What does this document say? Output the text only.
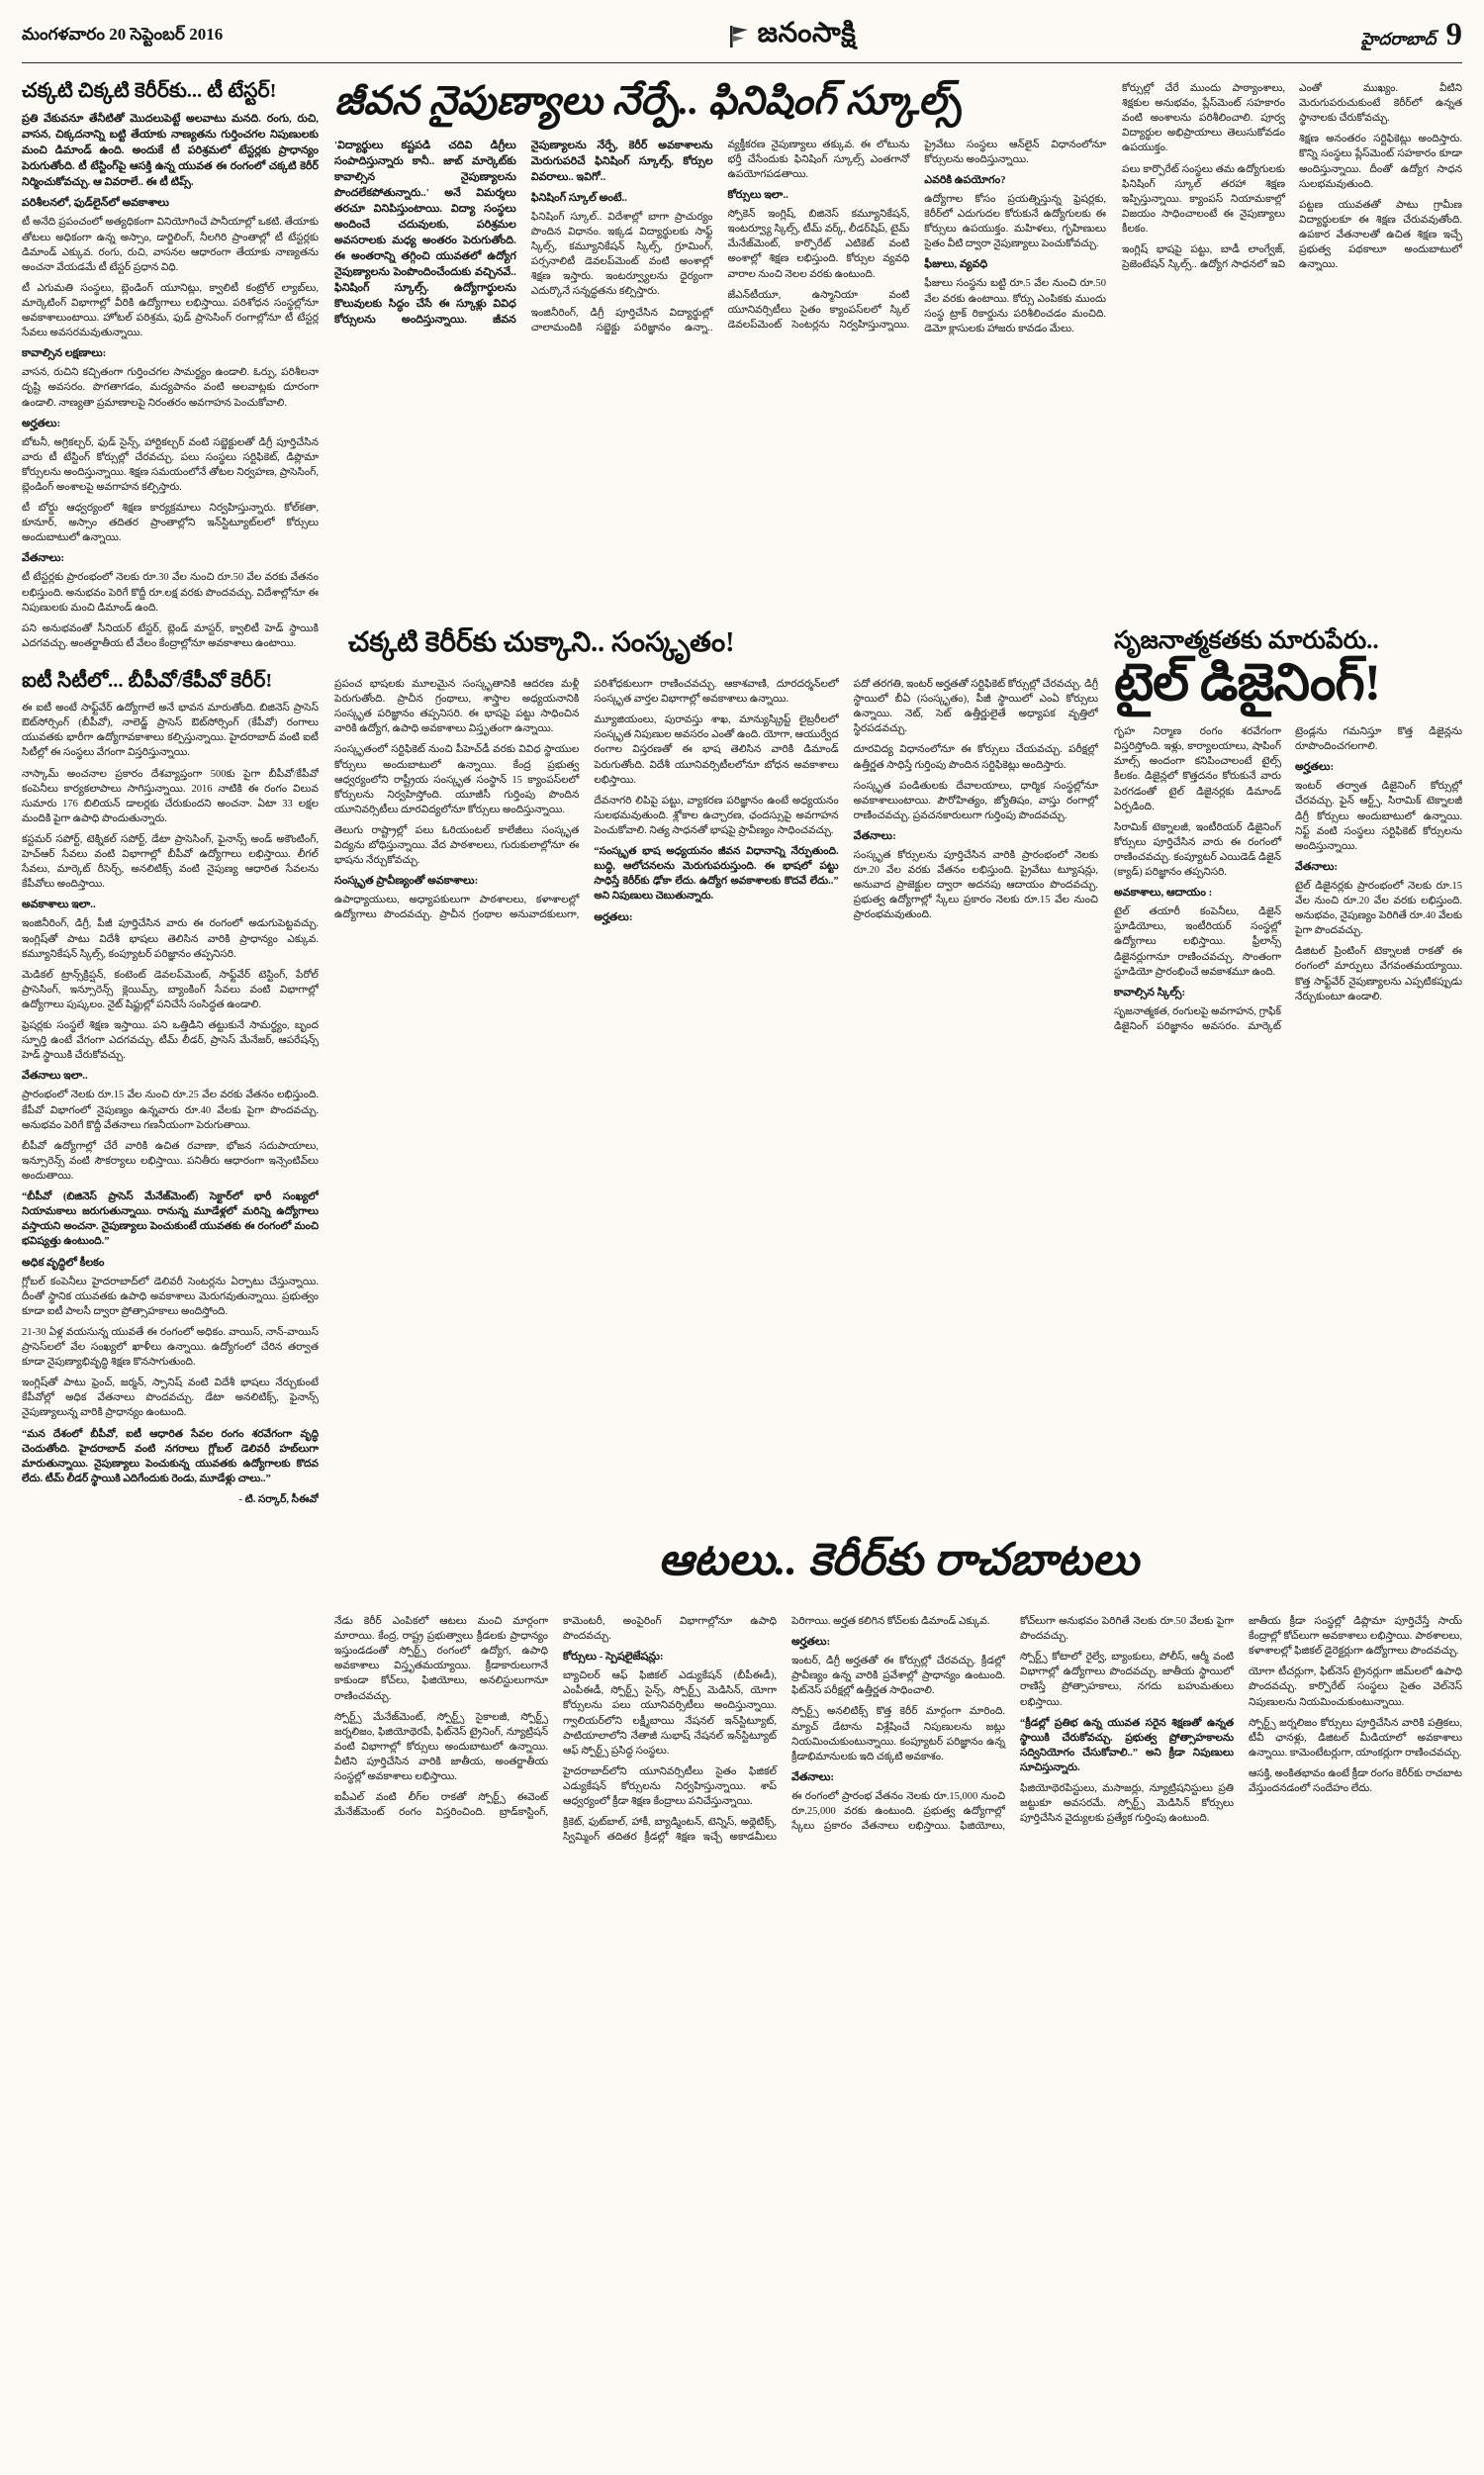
మంగళవారం 20 సెప్టెంబర్ 2016	జనంసాక్షి	హైదరాబాద్ 9
చక్కటి చిక్కటి కెరీర్‌కు... టీ టేస్టర్!

ప్రతి వేకువనూ తేనీటితో మొదలుపెట్టే అలవాటు మనది. రంగు, రుచి, వాసన, చిక్కదనాన్ని బట్టి తేయాకు నాణ్యతను గుర్తించగల నిపుణులకు మంచి డిమాండ్ ఉంది. అందుకే టీ పరిశ్రమలో టేస్టర్లకు ప్రాధాన్యం పెరుగుతోంది. టీ టేస్టింగ్‌పై ఆసక్తి ఉన్న యువత ఈ రంగంలో చక్కటి కెరీర్ నిర్మించుకోవచ్చు. ఆ వివరాలే.. ఈ టీ టిప్స్.

పరిశీలనలో, ఫుడ్‌లైన్‌లో అవకాశాలు

టీ అనేది ప్రపంచంలో అత్యధికంగా వినియోగించే పానీయాల్లో ఒకటి. తేయాకు తోటలు అధికంగా ఉన్న అస్సాం, డార్జిలింగ్, నీలగిరి ప్రాంతాల్లో టీ టేస్టర్లకు డిమాండ్ ఎక్కువ. రంగు, రుచి, వాసనల ఆధారంగా తేయాకు నాణ్యతను అంచనా వేయడమే టీ టేస్టర్ ప్రధాన విధి.

టీ ఎగుమతి సంస్థలు, బ్లెండింగ్ యూనిట్లు, క్వాలిటీ కంట్రోల్ ల్యాబ్‌లు, మార్కెటింగ్ విభాగాల్లో వీరికి ఉద్యోగాలు లభిస్తాయి. పరిశోధన సంస్థల్లోనూ అవకాశాలుంటాయి. హోటల్ పరిశ్రమ, ఫుడ్ ప్రాసెసింగ్ రంగాల్లోనూ టీ టేస్టర్ల సేవలు అవసరమవుతున్నాయి.

కావాల్సిన లక్షణాలు:

వాసన, రుచిని కచ్చితంగా గుర్తించగల సామర్థ్యం ఉండాలి. ఓర్పు, పరిశీలనా దృష్టి అవసరం. పొగతాగడం, మద్యపానం వంటి అలవాట్లకు దూరంగా ఉండాలి. నాణ్యతా ప్రమాణాలపై నిరంతరం అవగాహన పెంచుకోవాలి.

అర్హతలు:

బోటనీ, అగ్రికల్చర్, ఫుడ్ సైన్స్, హార్టికల్చర్ వంటి సబ్జెక్టులతో డిగ్రీ పూర్తిచేసిన వారు టీ టేస్టింగ్ కోర్సుల్లో చేరవచ్చు. పలు సంస్థలు సర్టిఫికెట్, డిప్లొమా కోర్సులను అందిస్తున్నాయి. శిక్షణ సమయంలోనే తోటల నిర్వహణ, ప్రాసెసింగ్, బ్లెండింగ్ అంశాలపై అవగాహన కల్పిస్తారు.

టీ బోర్డు ఆధ్వర్యంలో శిక్షణ కార్యక్రమాలు నిర్వహిస్తున్నారు. కోల్‌కతా, కూనూర్, అస్సాం తదితర ప్రాంతాల్లోని ఇన్‌స్టిట్యూట్‌లలో కోర్సులు అందుబాటులో ఉన్నాయి.

వేతనాలు:

టీ టేస్టర్లకు ప్రారంభంలో నెలకు రూ.30 వేల నుంచి రూ.50 వేల వరకు వేతనం లభిస్తుంది. అనుభవం పెరిగే కొద్దీ రూ.లక్ష వరకు పొందవచ్చు. విదేశాల్లోనూ ఈ నిపుణులకు మంచి డిమాండ్ ఉంది.

పని అనుభవంతో సీనియర్ టేస్టర్, బ్లెండ్ మాస్టర్, క్వాలిటీ హెడ్ స్థాయికి ఎదగవచ్చు. అంతర్జాతీయ టీ వేలం కేంద్రాల్లోనూ అవకాశాలు ఉంటాయి.

ఐటీ సిటీలో... బీపీవో/కేపీవో కెరీర్!

ఈ ఐటీ అంటే సాఫ్ట్‌వేర్ ఉద్యోగాలే అనే భావన మారుతోంది. బిజినెస్ ప్రాసెస్ ఔట్‌సోర్సింగ్ (బీపీవో), నాలెడ్జ్ ప్రాసెస్ ఔట్‌సోర్సింగ్ (కేపీవో) రంగాలు యువతకు భారీగా ఉద్యోగావకాశాలు కల్పిస్తున్నాయి. హైదరాబాద్ వంటి ఐటీ సిటీల్లో ఈ సంస్థలు వేగంగా విస్తరిస్తున్నాయి.

నాస్కామ్ అంచనాల ప్రకారం దేశవ్యాప్తంగా 500కు పైగా బీపీవో/కేపీవో కంపెనీలు కార్యకలాపాలు సాగిస్తున్నాయి. 2016 నాటికి ఈ రంగం విలువ సుమారు 176 బిలియన్ డాలర్లకు చేరుకుందని అంచనా. ఏటా 33 లక్షల మందికి పైగా ఉపాధి పొందుతున్నారు.

కస్టమర్ సపోర్ట్, టెక్నికల్ సపోర్ట్, డేటా ప్రాసెసింగ్, ఫైనాన్స్ అండ్ అకౌంటింగ్, హెచ్ఆర్ సేవలు వంటి విభాగాల్లో బీపీవో ఉద్యోగాలు లభిస్తాయి. లీగల్ సేవలు, మార్కెట్ రీసెర్చ్, అనలిటిక్స్ వంటి నైపుణ్య ఆధారిత సేవలను కేపీవోలు అందిస్తాయి.

అవకాశాలు ఇలా..

ఇంజినీరింగ్, డిగ్రీ, పీజీ పూర్తిచేసిన వారు ఈ రంగంలో అడుగుపెట్టవచ్చు. ఇంగ్లిష్‌తో పాటు విదేశీ భాషలు తెలిసిన వారికి ప్రాధాన్యం ఎక్కువ. కమ్యూనికేషన్ స్కిల్స్, కంప్యూటర్ పరిజ్ఞానం తప్పనిసరి.

మెడికల్ ట్రాన్స్‌క్రిప్షన్, కంటెంట్ డెవలప్‌మెంట్, సాఫ్ట్‌వేర్ టెస్టింగ్, పేరోల్ ప్రాసెసింగ్, ఇన్సూరెన్స్ క్లెయిమ్స్, బ్యాంకింగ్ సేవలు వంటి విభాగాల్లో ఉద్యోగాలు పుష్కలం. నైట్ షిఫ్టుల్లో పనిచేసే సంసిద్ధత ఉండాలి.

ఫ్రెషర్లకు సంస్థలే శిక్షణ ఇస్తాయి. పని ఒత్తిడిని తట్టుకునే సామర్థ్యం, బృంద స్ఫూర్తి ఉంటే వేగంగా ఎదగవచ్చు. టీమ్ లీడర్, ప్రాసెస్ మేనేజర్, ఆపరేషన్స్ హెడ్ స్థాయికి చేరుకోవచ్చు.

వేతనాలు ఇలా..

ప్రారంభంలో నెలకు రూ.15 వేల నుంచి రూ.25 వేల వరకు వేతనం లభిస్తుంది. కేపీవో విభాగంలో నైపుణ్యం ఉన్నవారు రూ.40 వేలకు పైగా పొందవచ్చు. అనుభవం పెరిగే కొద్దీ వేతనాలు గణనీయంగా పెరుగుతాయి.

బీపీవో ఉద్యోగాల్లో చేరే వారికి ఉచిత రవాణా, భోజన సదుపాయాలు, ఇన్సూరెన్స్ వంటి సౌకర్యాలు లభిస్తాయి. పనితీరు ఆధారంగా ఇన్సెంటివ్‌లు అందుతాయి.

“బీపీవో (బిజినెస్ ప్రాసెస్ మేనేజ్‌మెంట్) సెక్టార్‌లో భారీ సంఖ్యలో నియామకాలు జరుగుతున్నాయి. రానున్న మూడేళ్లలో మరిన్ని ఉద్యోగాలు వస్తాయని అంచనా. నైపుణ్యాలు పెంచుకుంటే యువతకు ఈ రంగంలో మంచి భవిష్యత్తు ఉంటుంది.”

అధిక వృద్ధిలో కీలకం

గ్లోబల్ కంపెనీలు హైదరాబాద్‌లో డెలివరీ సెంటర్లను ఏర్పాటు చేస్తున్నాయి. దీంతో స్థానిక యువతకు ఉపాధి అవకాశాలు మెరుగవుతున్నాయి. ప్రభుత్వం కూడా ఐటీ పాలసీ ద్వారా ప్రోత్సాహకాలు అందిస్తోంది.

21-30 ఏళ్ల వయసున్న యువతే ఈ రంగంలో అధికం. వాయిస్, నాన్-వాయిస్ ప్రాసెస్‌లలో వేల సంఖ్యలో ఖాళీలు ఉన్నాయి. ఉద్యోగంలో చేరిన తర్వాత కూడా నైపుణ్యాభివృద్ధి శిక్షణ కొనసాగుతుంది.

ఇంగ్లిష్‌తో పాటు ఫ్రెంచ్, జర్మన్, స్పానిష్ వంటి విదేశీ భాషలు నేర్చుకుంటే కేపీవోల్లో అధిక వేతనాలు పొందవచ్చు. డేటా అనలిటిక్స్, ఫైనాన్స్ నైపుణ్యాలున్న వారికి ప్రాధాన్యం ఉంటుంది.

“మన దేశంలో బీపీవో, ఐటీ ఆధారిత సేవల రంగం శరవేగంగా వృద్ధి చెందుతోంది. హైదరాబాద్ వంటి నగరాలు గ్లోబల్ డెలివరీ హబ్‌లుగా మారుతున్నాయి. నైపుణ్యాలు పెంచుకున్న యువతకు ఉద్యోగాలకు కొదవ లేదు. టీమ్ లీడర్ స్థాయికి ఎదిగేందుకు రెండు, మూడేళ్లు చాలు..”

- టి. సర్కార్, సీఈవో

జీవన నైపుణ్యాలు నేర్పే.. ఫినిషింగ్ స్కూల్స్

'విద్యార్థులు కష్టపడి చదివి డిగ్రీలు సంపాదిస్తున్నారు కానీ.. జాబ్ మార్కెట్‌కు కావాల్సిన నైపుణ్యాలను పొందలేకపోతున్నారు..' అనే విమర్శలు తరచూ వినిపిస్తుంటాయి. విద్యా సంస్థలు అందించే చదువులకు, పరిశ్రమల అవసరాలకు మధ్య అంతరం పెరుగుతోంది. ఈ అంతరాన్ని తగ్గించి యువతలో ఉద్యోగ నైపుణ్యాలను పెంపొందించేందుకు వచ్చినవే.. ఫినిషింగ్ స్కూల్స్. ఉద్యోగార్థులను కొలువులకు సిద్ధం చేసే ఈ స్కూళ్లు వివిధ కోర్సులను అందిస్తున్నాయి. జీవన నైపుణ్యాలను నేర్పే, కెరీర్ అవకాశాలను మెరుగుపరిచే ఫినిషింగ్ స్కూల్స్, కోర్సుల వివరాలు.. ఇవిగో..

ఫినిషింగ్ స్కూల్ అంటే..

ఫినిషింగ్ స్కూల్.. విదేశాల్లో బాగా ప్రాచుర్యం పొందిన విధానం. ఇక్కడ విద్యార్థులకు సాఫ్ట్ స్కిల్స్, కమ్యూనికేషన్ స్కిల్స్, గ్రూమింగ్, పర్సనాలిటీ డెవలప్‌మెంట్ వంటి అంశాల్లో శిక్షణ ఇస్తారు. ఇంటర్వ్యూలను ధైర్యంగా ఎదుర్కొనే సన్నద్ధతను కల్పిస్తారు.

ఇంజినీరింగ్, డిగ్రీ పూర్తిచేసిన విద్యార్థుల్లో చాలామందికి సబ్జెక్టు పరిజ్ఞానం ఉన్నా.. వ్యక్తీకరణ నైపుణ్యాలు తక్కువ. ఈ లోటును భర్తీ చేసేందుకు ఫినిషింగ్ స్కూల్స్ ఎంతగానో ఉపయోగపడతాయి.

కోర్సులు ఇలా..

స్పోకెన్ ఇంగ్లిష్, బిజినెస్ కమ్యూనికేషన్, ఇంటర్వ్యూ స్కిల్స్, టీమ్ వర్క్, లీడర్‌షిప్, టైమ్ మేనేజ్‌మెంట్, కార్పొరేట్ ఎటికెట్ వంటి అంశాల్లో శిక్షణ లభిస్తుంది. కోర్సుల వ్యవధి వారాల నుంచి నెలల వరకు ఉంటుంది.

జేఎన్‌టీయూ, ఉస్మానియా వంటి యూనివర్సిటీలు సైతం క్యాంపస్‌లలో స్కిల్ డెవలప్‌మెంట్ సెంటర్లను నిర్వహిస్తున్నాయి. ప్రైవేటు సంస్థలు ఆన్‌లైన్ విధానంలోనూ కోర్సులను అందిస్తున్నాయి.

ఎవరికి ఉపయోగం?

ఉద్యోగాల కోసం ప్రయత్నిస్తున్న ఫ్రెషర్లకు, కెరీర్‌లో ఎదుగుదల కోరుకునే ఉద్యోగులకు ఈ కోర్సులు ఉపయుక్తం. మహిళలు, గృహిణులు సైతం వీటి ద్వారా నైపుణ్యాలు పెంచుకోవచ్చు.

ఫీజులు, వ్యవధి

ఫీజులు సంస్థను బట్టి రూ.5 వేల నుంచి రూ.50 వేల వరకు ఉంటాయి. కోర్సు ఎంపికకు ముందు సంస్థ ట్రాక్ రికార్డును పరిశీలించడం మంచిది. డెమో క్లాసులకు హాజరు కావడం మేలు.

కోర్సుల్లో చేరే ముందు పాఠ్యాంశాలు, శిక్షకుల అనుభవం, ప్లేస్‌మెంట్ సహకారం వంటి అంశాలను పరిశీలించాలి. పూర్వ విద్యార్థుల అభిప్రాయాలు తెలుసుకోవడం ఉపయుక్తం.

పలు కార్పొరేట్ సంస్థలు తమ ఉద్యోగులకు ఫినిషింగ్ స్కూల్ తరహా శిక్షణ ఇప్పిస్తున్నాయి. క్యాంపస్ నియామకాల్లో విజయం సాధించాలంటే ఈ నైపుణ్యాలు కీలకం.

ఇంగ్లిష్ భాషపై పట్టు, బాడీ లాంగ్వేజ్, ప్రెజెంటేషన్ స్కిల్స్.. ఉద్యోగ సాధనలో ఇవి ఎంతో ముఖ్యం. వీటిని మెరుగుపరుచుకుంటే కెరీర్‌లో ఉన్నత స్థానాలకు చేరుకోవచ్చు.

శిక్షణ అనంతరం సర్టిఫికెట్లు అందిస్తారు. కొన్ని సంస్థలు ప్లేస్‌మెంట్ సహకారం కూడా అందిస్తున్నాయి. దీంతో ఉద్యోగ సాధన సులభమవుతుంది.

పట్టణ యువతతో పాటు గ్రామీణ విద్యార్థులకూ ఈ శిక్షణ చేరువవుతోంది. ఉపకార వేతనాలతో ఉచిత శిక్షణ ఇచ్చే ప్రభుత్వ పథకాలూ అందుబాటులో ఉన్నాయి.

చక్కటి కెరీర్‌కు చుక్కాని.. సంస్కృతం!

ప్రపంచ భాషలకు మూలమైన సంస్కృతానికి ఆదరణ మళ్లీ పెరుగుతోంది. ప్రాచీన గ్రంథాలు, శాస్త్రాల అధ్యయనానికి సంస్కృత పరిజ్ఞానం తప్పనిసరి. ఈ భాషపై పట్టు సాధించిన వారికి ఉద్యోగ, ఉపాధి అవకాశాలు విస్తృతంగా ఉన్నాయి.

సంస్కృతంలో సర్టిఫికెట్ నుంచి పీహెచ్‌డీ వరకు వివిధ స్థాయుల కోర్సులు అందుబాటులో ఉన్నాయి. కేంద్ర ప్రభుత్వ ఆధ్వర్యంలోని రాష్ట్రీయ సంస్కృత సంస్థాన్ 15 క్యాంపస్‌లలో కోర్సులను నిర్వహిస్తోంది. యూజీసీ గుర్తింపు పొందిన యూనివర్సిటీలు దూరవిద్యలోనూ కోర్సులు అందిస్తున్నాయి.

తెలుగు రాష్ట్రాల్లో పలు ఓరియంటల్ కాలేజీలు సంస్కృత విద్యను బోధిస్తున్నాయి. వేద పాఠశాలలు, గురుకులాల్లోనూ ఈ భాషను నేర్చుకోవచ్చు.

సంస్కృత ప్రావీణ్యంతో అవకాశాలు:

ఉపాధ్యాయులు, అధ్యాపకులుగా పాఠశాలలు, కళాశాలల్లో ఉద్యోగాలు పొందవచ్చు. ప్రాచీన గ్రంథాల అనువాదకులుగా, పరిశోధకులుగా రాణించవచ్చు. ఆకాశవాణి, దూరదర్శన్‌లలో సంస్కృత వార్తల విభాగాల్లో అవకాశాలు ఉన్నాయి.

మ్యూజియంలు, పురావస్తు శాఖ, మాన్యుస్క్రిప్ట్ లైబ్రరీలలో సంస్కృత నిపుణుల అవసరం ఎంతో ఉంది. యోగా, ఆయుర్వేద రంగాల విస్తరణతో ఈ భాష తెలిసిన వారికి డిమాండ్ పెరుగుతోంది. విదేశీ యూనివర్సిటీలలోనూ బోధన అవకాశాలు లభిస్తాయి.

దేవనాగరి లిపిపై పట్టు, వ్యాకరణ పరిజ్ఞానం ఉంటే అధ్యయనం సులభమవుతుంది. శ్లోకాల ఉచ్చారణ, ఛందస్సుపై అవగాహన పెంచుకోవాలి. నిత్య సాధనతో భాషపై ప్రావీణ్యం సాధించవచ్చు.

“సంస్కృత భాష అధ్యయనం జీవన విధానాన్ని నేర్పుతుంది. బుద్ధి, ఆలోచనలను మెరుగుపరుస్తుంది. ఈ భాషలో పట్టు సాధిస్తే కెరీర్‌కు ఢోకా లేదు. ఉద్యోగ అవకాశాలకు కొదవే లేదు..” అని నిపుణులు చెబుతున్నారు.

అర్హతలు:

పదో తరగతి, ఇంటర్ అర్హతతో సర్టిఫికెట్ కోర్సుల్లో చేరవచ్చు. డిగ్రీ స్థాయిలో బీఏ (సంస్కృతం), పీజీ స్థాయిలో ఎంఏ కోర్సులు ఉన్నాయి. నెట్, సెట్ ఉత్తీర్ణులైతే అధ్యాపక వృత్తిలో స్థిరపడవచ్చు.

దూరవిద్య విధానంలోనూ ఈ కోర్సులు చేయవచ్చు. పరీక్షల్లో ఉత్తీర్ణత సాధిస్తే గుర్తింపు పొందిన సర్టిఫికెట్లు అందిస్తారు.

సంస్కృత పండితులకు దేవాలయాలు, ధార్మిక సంస్థల్లోనూ అవకాశాలుంటాయి. పౌరోహిత్యం, జ్యోతిషం, వాస్తు రంగాల్లో రాణించవచ్చు. ప్రవచనకారులుగా గుర్తింపు పొందవచ్చు.

వేతనాలు:

సంస్కృత కోర్సులను పూర్తిచేసిన వారికి ప్రారంభంలో నెలకు రూ.20 వేల వరకు వేతనం లభిస్తుంది. ప్రైవేటు ట్యూషన్లు, అనువాద ప్రాజెక్టుల ద్వారా అదనపు ఆదాయం పొందవచ్చు. ప్రభుత్వ ఉద్యోగాల్లో స్కేలు ప్రకారం నెలకు రూ.15 వేల నుంచి ప్రారంభమవుతుంది.

సృజనాత్మకతకు మారుపేరు..
టైల్ డిజైనింగ్!

గృహ నిర్మాణ రంగం శరవేగంగా విస్తరిస్తోంది. ఇళ్లు, కార్యాలయాలు, షాపింగ్ మాల్స్ అందంగా కనిపించాలంటే టైల్స్ కీలకం. డిజైన్లలో కొత్తదనం కోరుకునే వారు పెరగడంతో టైల్ డిజైనర్లకు డిమాండ్ ఏర్పడింది.

సిరామిక్ టెక్నాలజీ, ఇంటీరియర్ డిజైనింగ్ కోర్సులు పూర్తిచేసిన వారు ఈ రంగంలో రాణించవచ్చు. కంప్యూటర్ ఎయిడెడ్ డిజైన్ (క్యాడ్) పరిజ్ఞానం తప్పనిసరి.

అవకాశాలు, ఆదాయం :

టైల్ తయారీ కంపెనీలు, డిజైన్ స్టూడియోలు, ఇంటీరియర్ సంస్థల్లో ఉద్యోగాలు లభిస్తాయి. ఫ్రీలాన్స్ డిజైనర్లుగానూ రాణించవచ్చు. సొంతంగా స్టూడియో ప్రారంభించే అవకాశమూ ఉంది.

కావాల్సిన స్కిల్స్:

సృజనాత్మకత, రంగులపై అవగాహన, గ్రాఫిక్ డిజైనింగ్ పరిజ్ఞానం అవసరం. మార్కెట్ ట్రెండ్లను గమనిస్తూ కొత్త డిజైన్లను రూపొందించగలగాలి.

అర్హతలు:

ఇంటర్ తర్వాత డిజైనింగ్ కోర్సుల్లో చేరవచ్చు. ఫైన్ ఆర్ట్స్, సిరామిక్ టెక్నాలజీ డిగ్రీ కోర్సులు అందుబాటులో ఉన్నాయి. నిఫ్ట్ వంటి సంస్థలు సర్టిఫికెట్ కోర్సులను అందిస్తున్నాయి.

వేతనాలు:

టైల్ డిజైనర్లకు ప్రారంభంలో నెలకు రూ.15 వేల నుంచి రూ.20 వేల వరకు లభిస్తుంది. అనుభవం, నైపుణ్యం పెరిగితే రూ.40 వేలకు పైగా పొందవచ్చు.

డిజిటల్ ప్రింటింగ్ టెక్నాలజీ రాకతో ఈ రంగంలో మార్పులు వేగవంతమయ్యాయి. కొత్త సాఫ్ట్‌వేర్ నైపుణ్యాలను ఎప్పటికప్పుడు నేర్చుకుంటూ ఉండాలి.

ఆటలు.. కెరీర్‌కు రాచబాటలు

నేడు కెరీర్ ఎంపికలో ఆటలు మంచి మార్గంగా మారాయి. కేంద్ర, రాష్ట్ర ప్రభుత్వాలు క్రీడలకు ప్రాధాన్యం ఇస్తుండడంతో స్పోర్ట్స్ రంగంలో ఉద్యోగ, ఉపాధి అవకాశాలు విస్తృతమయ్యాయి. క్రీడాకారులుగానే కాకుండా కోచ్‌లు, ఫిజియోలు, అనలిస్టులుగానూ రాణించవచ్చు.

స్పోర్ట్స్ మేనేజ్‌మెంట్, స్పోర్ట్స్ సైకాలజీ, స్పోర్ట్స్ జర్నలిజం, ఫిజియోథెరపీ, ఫిట్‌నెస్ ట్రైనింగ్, న్యూట్రిషన్ వంటి విభాగాల్లో కోర్సులు అందుబాటులో ఉన్నాయి. వీటిని పూర్తిచేసిన వారికి జాతీయ, అంతర్జాతీయ సంస్థల్లో అవకాశాలు లభిస్తాయి.

ఐపీఎల్ వంటి లీగ్‌ల రాకతో స్పోర్ట్స్ ఈవెంట్ మేనేజ్‌మెంట్ రంగం విస్తరించింది. బ్రాడ్‌కాస్టింగ్, కామెంటరీ, అంపైరింగ్ విభాగాల్లోనూ ఉపాధి పొందవచ్చు.

కోర్సులు - స్పెషలైజేషన్లు:

బ్యాచిలర్ ఆఫ్ ఫిజికల్ ఎడ్యుకేషన్ (బీపీఈడీ), ఎంపీఈడీ, స్పోర్ట్స్ సైన్స్, స్పోర్ట్స్ మెడిసిన్, యోగా కోర్సులను పలు యూనివర్సిటీలు అందిస్తున్నాయి. గ్వాలియర్‌లోని లక్ష్మీబాయి నేషనల్ ఇన్‌స్టిట్యూట్, పాటియాలాలోని నేతాజీ సుభాష్ నేషనల్ ఇన్‌స్టిట్యూట్ ఆఫ్ స్పోర్ట్స్ ప్రసిద్ధ సంస్థలు.

హైదరాబాద్‌లోని యూనివర్సిటీలు సైతం ఫిజికల్ ఎడ్యుకేషన్ కోర్సులను నిర్వహిస్తున్నాయి. శాప్ ఆధ్వర్యంలో క్రీడా శిక్షణ కేంద్రాలు పనిచేస్తున్నాయి.

క్రికెట్, ఫుట్‌బాల్, హాకీ, బ్యాడ్మింటన్, టెన్నిస్, అథ్లెటిక్స్, స్విమ్మింగ్ తదితర క్రీడల్లో శిక్షణ ఇచ్చే అకాడమీలు పెరిగాయి. అర్హత కలిగిన కోచ్‌లకు డిమాండ్ ఎక్కువ.

అర్హతలు:

ఇంటర్, డిగ్రీ అర్హతతో ఈ కోర్సుల్లో చేరవచ్చు. క్రీడల్లో ప్రావీణ్యం ఉన్న వారికి ప్రవేశాల్లో ప్రాధాన్యం ఉంటుంది. ఫిట్‌నెస్ పరీక్షల్లో ఉత్తీర్ణత సాధించాలి.

స్పోర్ట్స్ అనలిటిక్స్ కొత్త కెరీర్ మార్గంగా మారింది. మ్యాచ్ డేటాను విశ్లేషించే నిపుణులను జట్లు నియమించుకుంటున్నాయి. కంప్యూటర్ పరిజ్ఞానం ఉన్న క్రీడాభిమానులకు ఇది చక్కటి అవకాశం.

వేతనాలు:

ఈ రంగంలో ప్రారంభ వేతనం నెలకు రూ.15,000 నుంచి రూ.25,000 వరకు ఉంటుంది. ప్రభుత్వ ఉద్యోగాల్లో స్కేలు ప్రకారం వేతనాలు లభిస్తాయి. ఫిజియోలు, కోచ్‌లుగా అనుభవం పెరిగితే నెలకు రూ.50 వేలకు పైగా పొందవచ్చు.

స్పోర్ట్స్ కోటాలో రైల్వే, బ్యాంకులు, పోలీస్, ఆర్మీ వంటి విభాగాల్లో ఉద్యోగాలు పొందవచ్చు. జాతీయ స్థాయిలో రాణిస్తే ప్రోత్సాహకాలు, నగదు బహుమతులు లభిస్తాయి.

“క్రీడల్లో ప్రతిభ ఉన్న యువత సరైన శిక్షణతో ఉన్నత స్థాయికి చేరుకోవచ్చు. ప్రభుత్వ ప్రోత్సాహకాలను సద్వినియోగం చేసుకోవాలి..” అని క్రీడా నిపుణులు సూచిస్తున్నారు.

ఫిజియోథెరపిస్టులు, మసాజర్లు, న్యూట్రిషనిస్టులు ప్రతి జట్టుకూ అవసరమే. స్పోర్ట్స్ మెడిసిన్ కోర్సులు పూర్తిచేసిన వైద్యులకు ప్రత్యేక గుర్తింపు ఉంటుంది.

జాతీయ క్రీడా సంస్థల్లో డిప్లొమా పూర్తిచేస్తే సాయ్ కేంద్రాల్లో కోచ్‌లుగా అవకాశాలు లభిస్తాయి. పాఠశాలలు, కళాశాలల్లో ఫిజికల్ డైరెక్టర్లుగా ఉద్యోగాలు పొందవచ్చు.

యోగా టీచర్లుగా, ఫిట్‌నెస్ ట్రైనర్లుగా జిమ్‌లలో ఉపాధి పొందవచ్చు. కార్పొరేట్ సంస్థలు సైతం వెల్‌నెస్ నిపుణులను నియమించుకుంటున్నాయి.

స్పోర్ట్స్ జర్నలిజం కోర్సులు పూర్తిచేసిన వారికి పత్రికలు, టీవీ ఛానళ్లు, డిజిటల్ మీడియాలో అవకాశాలు ఉన్నాయి. కామెంటేటర్లుగా, యాంకర్లుగా రాణించవచ్చు.

ఆసక్తి, అంకితభావం ఉంటే క్రీడా రంగం కెరీర్‌కు రాచబాట వేస్తుందనడంలో సందేహం లేదు.
